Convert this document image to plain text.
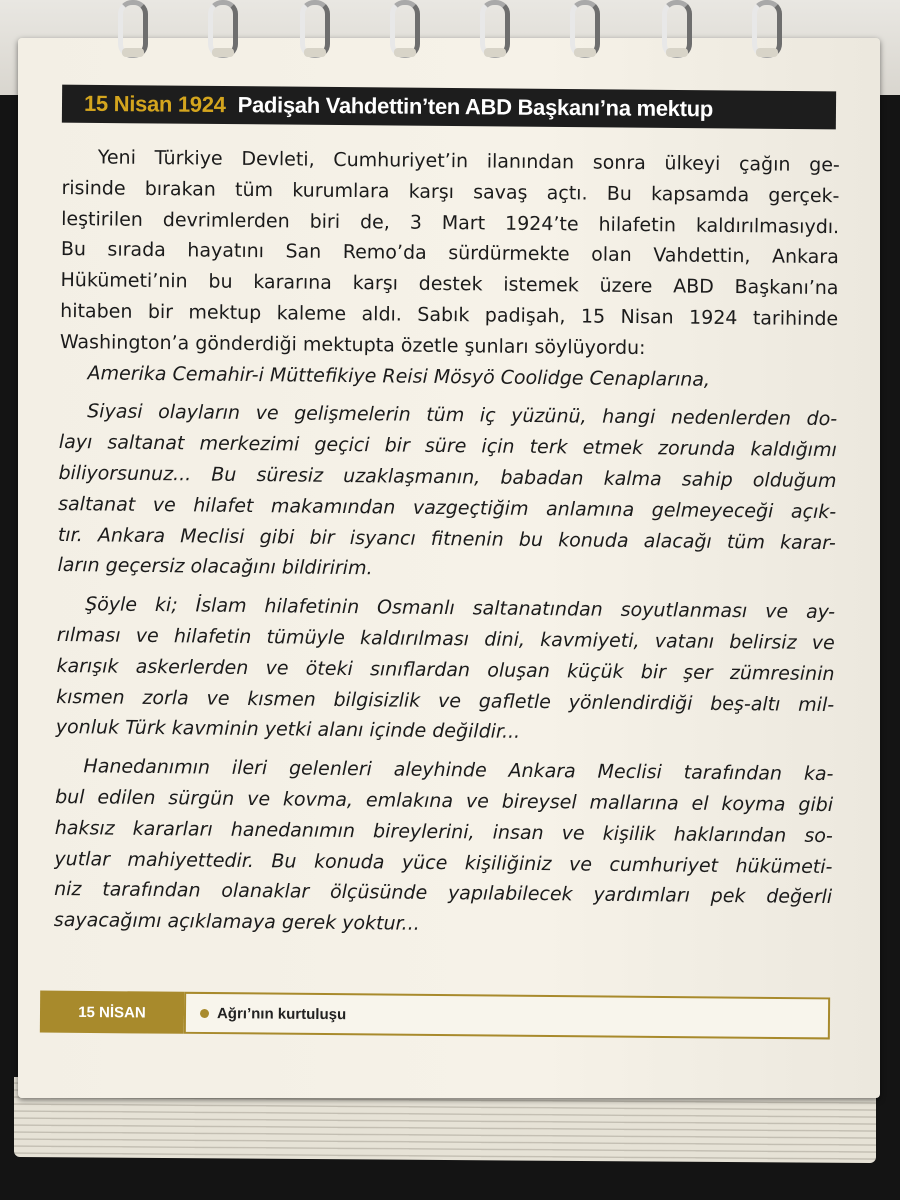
15 Nisan 1924 Padişah Vahdettin’ten ABD Başkanı’na mektup
Yeni Türkiye Devleti, Cumhuriyet’in ilanından sonra ülkeyi çağın ge-
risinde bırakan tüm kurumlara karşı savaş açtı. Bu kapsamda gerçek-
leştirilen devrimlerden biri de, 3 Mart 1924’te hilafetin kaldırılmasıydı.
Bu sırada hayatını San Remo’da sürdürmekte olan Vahdettin, Ankara
Hükümeti’nin bu kararına karşı destek istemek üzere ABD Başkanı’na
hitaben bir mektup kaleme aldı. Sabık padişah, 15 Nisan 1924 tarihinde
Washington’a gönderdiği mektupta özetle şunları söylüyordu:
Amerika Cemahir-i Müttefikiye Reisi Mösyö Coolidge Cenaplarına,
Siyasi olayların ve gelişmelerin tüm iç yüzünü, hangi nedenlerden do-
layı saltanat merkezimi geçici bir süre için terk etmek zorunda kaldığımı
biliyorsunuz... Bu süresiz uzaklaşmanın, babadan kalma sahip olduğum
saltanat ve hilafet makamından vazgeçtiğim anlamına gelmeyeceği açık-
tır. Ankara Meclisi gibi bir isyancı fitnenin bu konuda alacağı tüm karar-
ların geçersiz olacağını bildiririm.
Şöyle ki; İslam hilafetinin Osmanlı saltanatından soyutlanması ve ay-
rılması ve hilafetin tümüyle kaldırılması dini, kavmiyeti, vatanı belirsiz ve
karışık askerlerden ve öteki sınıflardan oluşan küçük bir şer zümresinin
kısmen zorla ve kısmen bilgisizlik ve gafletle yönlendirdiği beş-altı mil-
yonluk Türk kavminin yetki alanı içinde değildir...
Hanedanımın ileri gelenleri aleyhinde Ankara Meclisi tarafından ka-
bul edilen sürgün ve kovma, emlakına ve bireysel mallarına el koyma gibi
haksız kararları hanedanımın bireylerini, insan ve kişilik haklarından so-
yutlar mahiyettedir. Bu konuda yüce kişiliğiniz ve cumhuriyet hükümeti-
niz tarafından olanaklar ölçüsünde yapılabilecek yardımları pek değerli
sayacağımı açıklamaya gerek yoktur...
15 NİSAN	Ağrı’nın kurtuluşu
